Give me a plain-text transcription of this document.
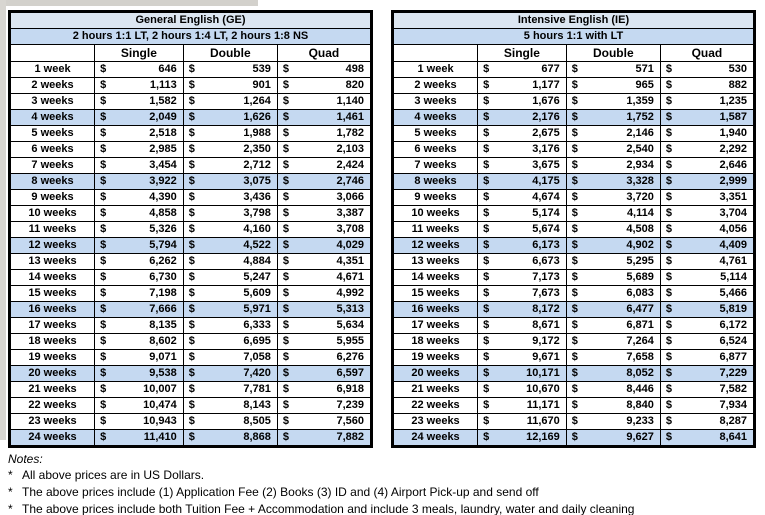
General English (GE)			
2 hours 1:1 LT, 2 hours 1:4 LT, 2 hours 1:8 NS			
	Single	Double	Quad
1 week	$ 646	$ 539	$ 498

2 weeks	$ 1,113	$ 901	$ 820

3 weeks	$ 1,582	$ 1,264	$ 1,140

4 weeks	$ 2,049	$ 1,626	$ 1,461

5 weeks	$ 2,518	$ 1,988	$ 1,782

6 weeks	$ 2,985	$ 2,350	$ 2,103

7 weeks	$ 3,454	$ 2,712	$ 2,424

8 weeks	$ 3,922	$ 3,075	$ 2,746

9 weeks	$ 4,390	$ 3,436	$ 3,066

10 weeks	$ 4,858	$ 3,798	$ 3,387

11 weeks	$ 5,326	$ 4,160	$ 3,708

12 weeks	$ 5,794	$ 4,522	$ 4,029

13 weeks	$ 6,262	$ 4,884	$ 4,351

14 weeks	$ 6,730	$ 5,247	$ 4,671

15 weeks	$ 7,198	$ 5,609	$ 4,992

16 weeks	$ 7,666	$ 5,971	$ 5,313

17 weeks	$ 8,135	$ 6,333	$ 5,634

18 weeks	$ 8,602	$ 6,695	$ 5,955

19 weeks	$ 9,071	$ 7,058	$ 6,276

20 weeks	$ 9,538	$ 7,420	$ 6,597

21 weeks	$ 10,007	$ 7,781	$ 6,918

22 weeks	$ 10,474	$ 8,143	$ 7,239

23 weeks	$ 10,943	$ 8,505	$ 7,560

24 weeks	$ 11,410	$ 8,868	$ 7,882
Intensive English (IE)			
5 hours 1:1 with LT			
	Single	Double	Quad
1 week	$ 677	$ 571	$ 530

2 weeks	$ 1,177	$ 965	$ 882

3 weeks	$ 1,676	$ 1,359	$ 1,235

4 weeks	$ 2,176	$ 1,752	$ 1,587

5 weeks	$ 2,675	$ 2,146	$ 1,940

6 weeks	$ 3,176	$ 2,540	$ 2,292

7 weeks	$ 3,675	$ 2,934	$ 2,646

8 weeks	$ 4,175	$ 3,328	$ 2,999

9 weeks	$ 4,674	$ 3,720	$ 3,351

10 weeks	$ 5,174	$ 4,114	$ 3,704

11 weeks	$ 5,674	$ 4,508	$ 4,056

12 weeks	$ 6,173	$ 4,902	$ 4,409

13 weeks	$ 6,673	$ 5,295	$ 4,761

14 weeks	$ 7,173	$ 5,689	$ 5,114

15 weeks	$ 7,673	$ 6,083	$ 5,466

16 weeks	$ 8,172	$ 6,477	$ 5,819

17 weeks	$ 8,671	$ 6,871	$ 6,172

18 weeks	$ 9,172	$ 7,264	$ 6,524

19 weeks	$ 9,671	$ 7,658	$ 6,877

20 weeks	$ 10,171	$ 8,052	$ 7,229

21 weeks	$ 10,670	$ 8,446	$ 7,582

22 weeks	$ 11,171	$ 8,840	$ 7,934

23 weeks	$ 11,670	$ 9,233	$ 8,287

24 weeks	$ 12,169	$ 9,627	$ 8,641
Notes:
* All above prices are in US Dollars.
* The above prices include (1) Application Fee (2) Books (3) ID and (4) Airport Pick-up and send off
* The above prices include both Tuition Fee + Accommodation and include 3 meals, laundry, water and daily cleaning
